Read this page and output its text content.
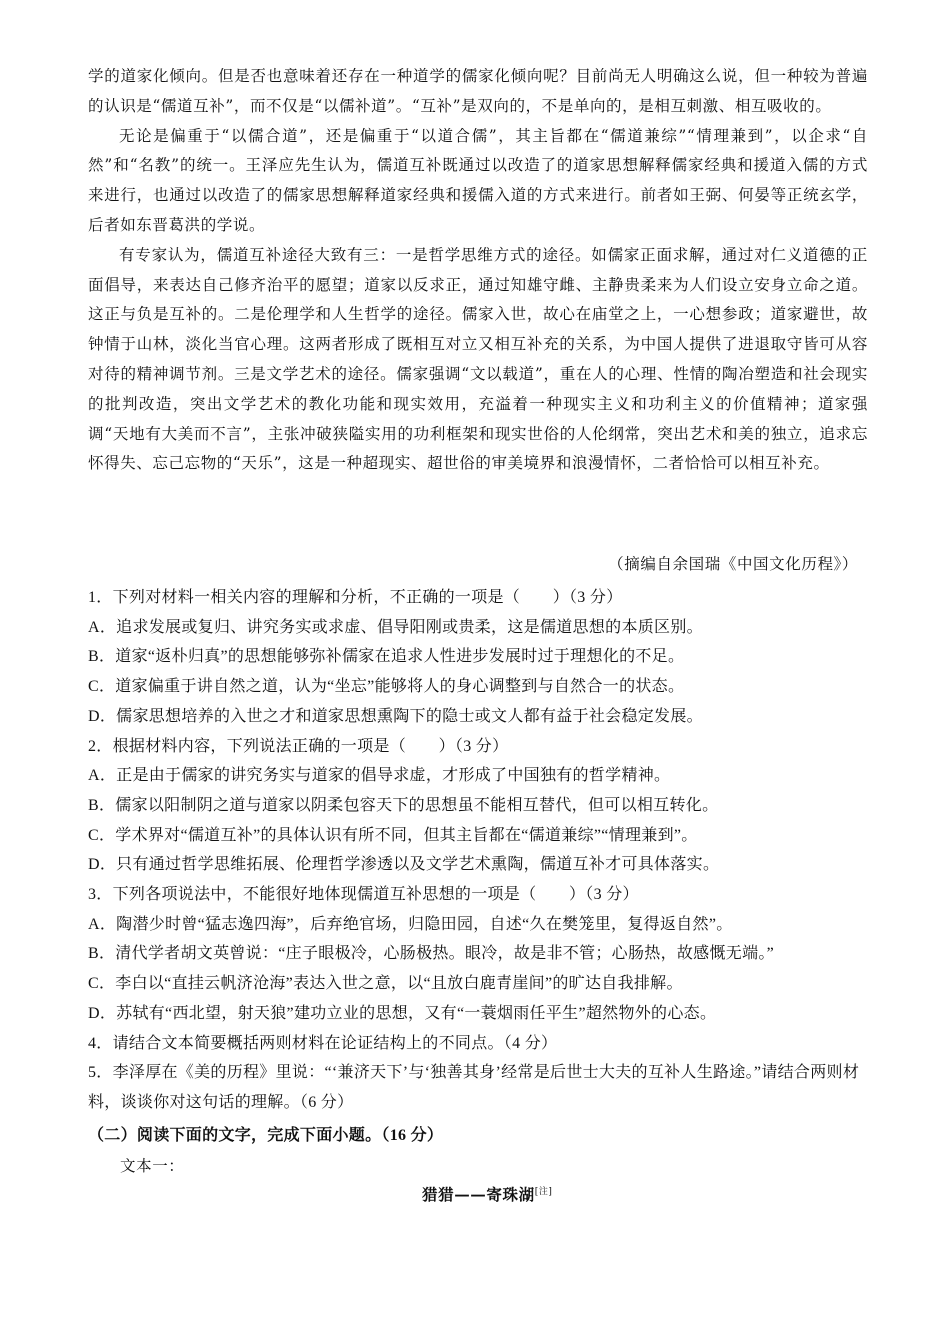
学的道家化倾向。但是否也意味着还存在一种道学的儒家化倾向呢？目前尚无人明确这么说，但一种较为普遍的认识是“儒道互补”，而不仅是“以儒补道”。“互补”是双向的，不是单向的，是相互刺激、相互吸收的。

无论是偏重于“以儒合道”，还是偏重于“以道合儒”，其主旨都在“儒道兼综”“情理兼到”，以企求“自然”和“名教”的统一。王泽应先生认为，儒道互补既通过以改造了的道家思想解释儒家经典和援道入儒的方式来进行，也通过以改造了的儒家思想解释道家经典和援儒入道的方式来进行。前者如王弼、何晏等正统玄学，后者如东晋葛洪的学说。

有专家认为，儒道互补途径大致有三：一是哲学思维方式的途径。如儒家正面求解，通过对仁义道德的正面倡导，来表达自己修齐治平的愿望；道家以反求正，通过知雄守雌、主静贵柔来为人们设立安身立命之道。这正与负是互补的。二是伦理学和人生哲学的途径。儒家入世，故心在庙堂之上，一心想参政；道家避世，故钟情于山林，淡化当官心理。这两者形成了既相互对立又相互补充的关系，为中国人提供了进退取守皆可从容对待的精神调节剂。三是文学艺术的途径。儒家强调“文以载道”，重在人的心理、性情的陶冶塑造和社会现实的批判改造，突出文学艺术的教化功能和现实效用，充溢着一种现实主义和功利主义的价值精神；道家强调“天地有大美而不言”，主张冲破狭隘实用的功利框架和现实世俗的人伦纲常，突出艺术和美的独立，追求忘怀得失、忘己忘物的“天乐”，这是一种超现实、超世俗的审美境界和浪漫情怀，二者恰恰可以相互补充。

（摘编自余国瑞《中国文化历程》）

1．下列对材料一相关内容的理解和分析，不正确的一项是（　　）（3 分）

A．追求发展或复归、讲究务实或求虚、倡导阳刚或贵柔，这是儒道思想的本质区别。

B．道家“返朴归真”的思想能够弥补儒家在追求人性进步发展时过于理想化的不足。

C．道家偏重于讲自然之道，认为“坐忘”能够将人的身心调整到与自然合一的状态。

D．儒家思想培养的入世之才和道家思想熏陶下的隐士或文人都有益于社会稳定发展。

2．根据材料内容，下列说法正确的一项是（　　）（3 分）

A．正是由于儒家的讲究务实与道家的倡导求虚，才形成了中国独有的哲学精神。

B．儒家以阳制阴之道与道家以阴柔包容天下的思想虽不能相互替代，但可以相互转化。

C．学术界对“儒道互补”的具体认识有所不同，但其主旨都在“儒道兼综”“情理兼到”。

D．只有通过哲学思维拓展、伦理哲学渗透以及文学艺术熏陶，儒道互补才可具体落实。

3．下列各项说法中，不能很好地体现儒道互补思想的一项是（　　）（3 分）

A．陶潜少时曾“猛志逸四海”，后弃绝官场，归隐田园，自述“久在樊笼里，复得返自然”。

B．清代学者胡文英曾说：“庄子眼极冷，心肠极热。眼冷，故是非不管；心肠热，故感慨无端。”

C．李白以“直挂云帆济沧海”表达入世之意，以“且放白鹿青崖间”的旷达自我排解。

D．苏轼有“西北望，射天狼”建功立业的思想，又有“一蓑烟雨任平生”超然物外的心态。

4．请结合文本简要概括两则材料在论证结构上的不同点。（4 分）

5．李泽厚在《美的历程》里说：“‘兼济天下’与‘独善其身’经常是后世士大夫的互补人生路途。”请结合两则材料，谈谈你对这句话的理解。（6 分）

（二）阅读下面的文字，完成下面小题。（16 分）
文本一：
猎猎——寄珠湖[注]
